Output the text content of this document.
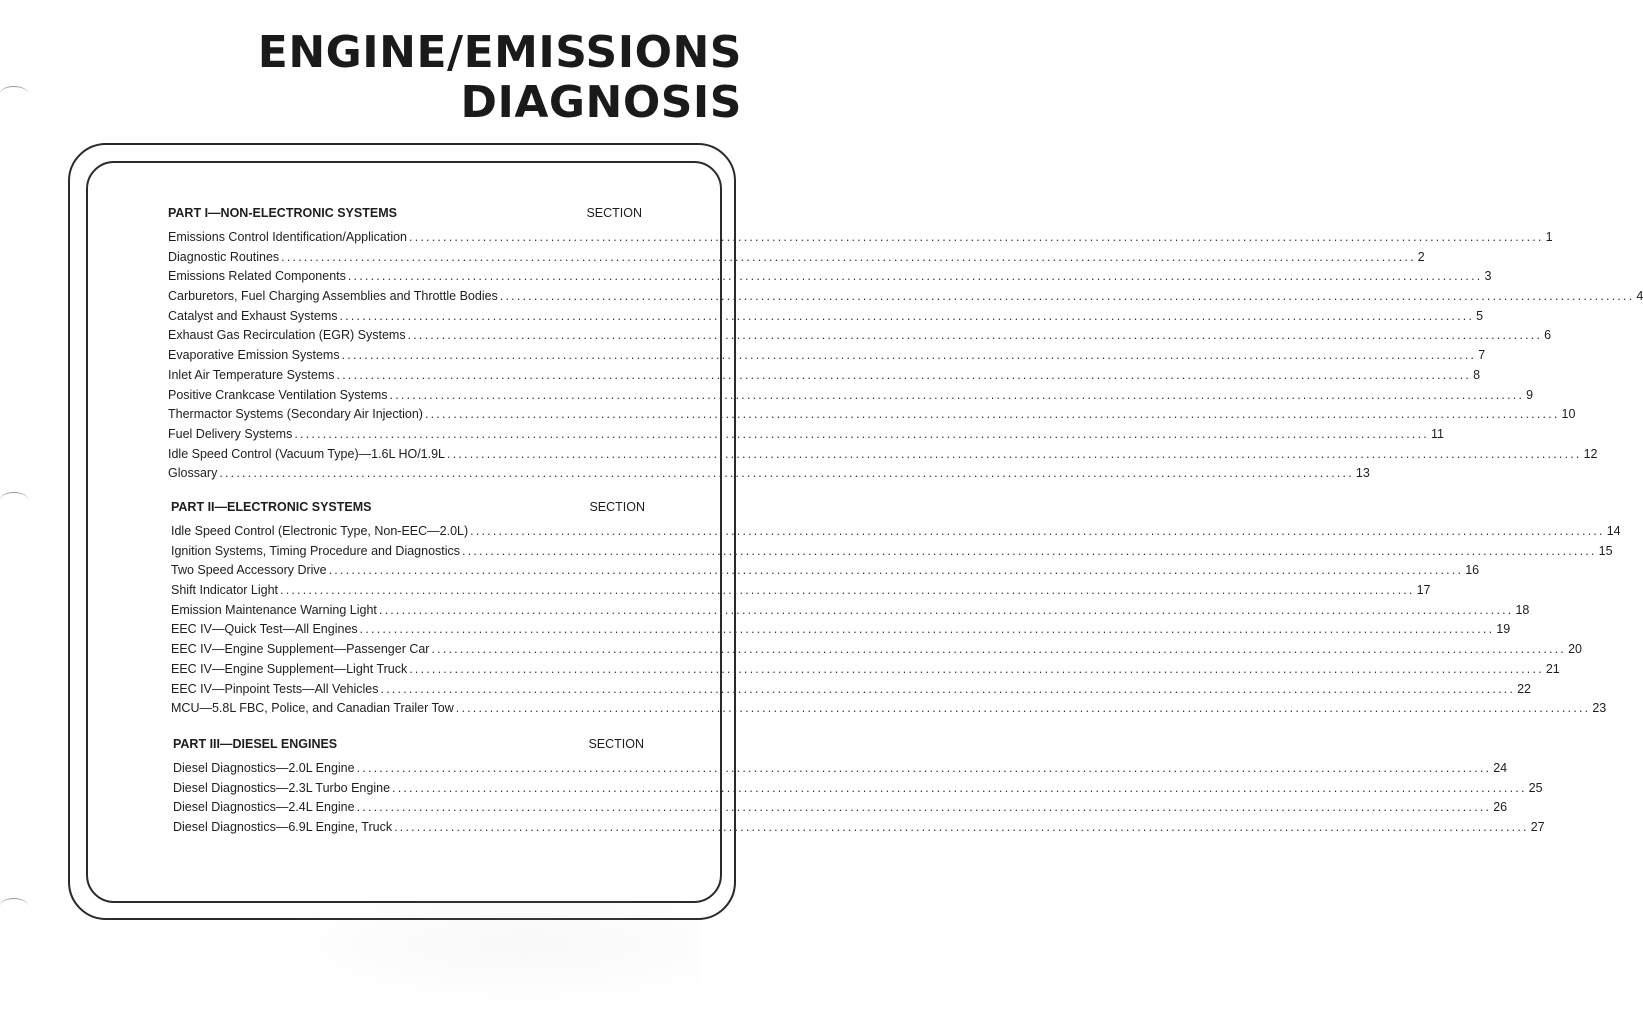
ENGINE/EMISSIONS
DIAGNOSIS
PART I—NON-ELECTRONIC SYSTEMS	SECTION
Emissions Control Identification/Application ........................................................................................................................................................................................................ 1
Diagnostic Routines ........................................................................................................................................................................................................ 2
Emissions Related Components ........................................................................................................................................................................................................ 3
Carburetors, Fuel Charging Assemblies and Throttle Bodies ........................................................................................................................................................................................................ 4
Catalyst and Exhaust Systems ........................................................................................................................................................................................................ 5
Exhaust Gas Recirculation (EGR) Systems ........................................................................................................................................................................................................ 6
Evaporative Emission Systems ........................................................................................................................................................................................................ 7
Inlet Air Temperature Systems ........................................................................................................................................................................................................ 8
Positive Crankcase Ventilation Systems ........................................................................................................................................................................................................ 9
Thermactor Systems (Secondary Air Injection) ........................................................................................................................................................................................................ 10
Fuel Delivery Systems ........................................................................................................................................................................................................ 11
Idle Speed Control (Vacuum Type)—1.6L HO/1.9L ........................................................................................................................................................................................................ 12
Glossary ........................................................................................................................................................................................................ 13
PART II—ELECTRONIC SYSTEMS	SECTION
Idle Speed Control (Electronic Type, Non-EEC—2.0L) ........................................................................................................................................................................................................ 14
Ignition Systems, Timing Procedure and Diagnostics ........................................................................................................................................................................................................ 15
Two Speed Accessory Drive ........................................................................................................................................................................................................ 16
Shift Indicator Light ........................................................................................................................................................................................................ 17
Emission Maintenance Warning Light ........................................................................................................................................................................................................ 18
EEC IV—Quick Test—All Engines ........................................................................................................................................................................................................ 19
EEC IV—Engine Supplement—Passenger Car ........................................................................................................................................................................................................ 20
EEC IV—Engine Supplement—Light Truck ........................................................................................................................................................................................................ 21
EEC IV—Pinpoint Tests—All Vehicles ........................................................................................................................................................................................................ 22
MCU—5.8L FBC, Police, and Canadian Trailer Tow ........................................................................................................................................................................................................ 23
PART III—DIESEL ENGINES	SECTION
Diesel Diagnostics—2.0L Engine ........................................................................................................................................................................................................ 24
Diesel Diagnostics—2.3L Turbo Engine ........................................................................................................................................................................................................ 25
Diesel Diagnostics—2.4L Engine ........................................................................................................................................................................................................ 26
Diesel Diagnostics—6.9L Engine, Truck ........................................................................................................................................................................................................ 27
